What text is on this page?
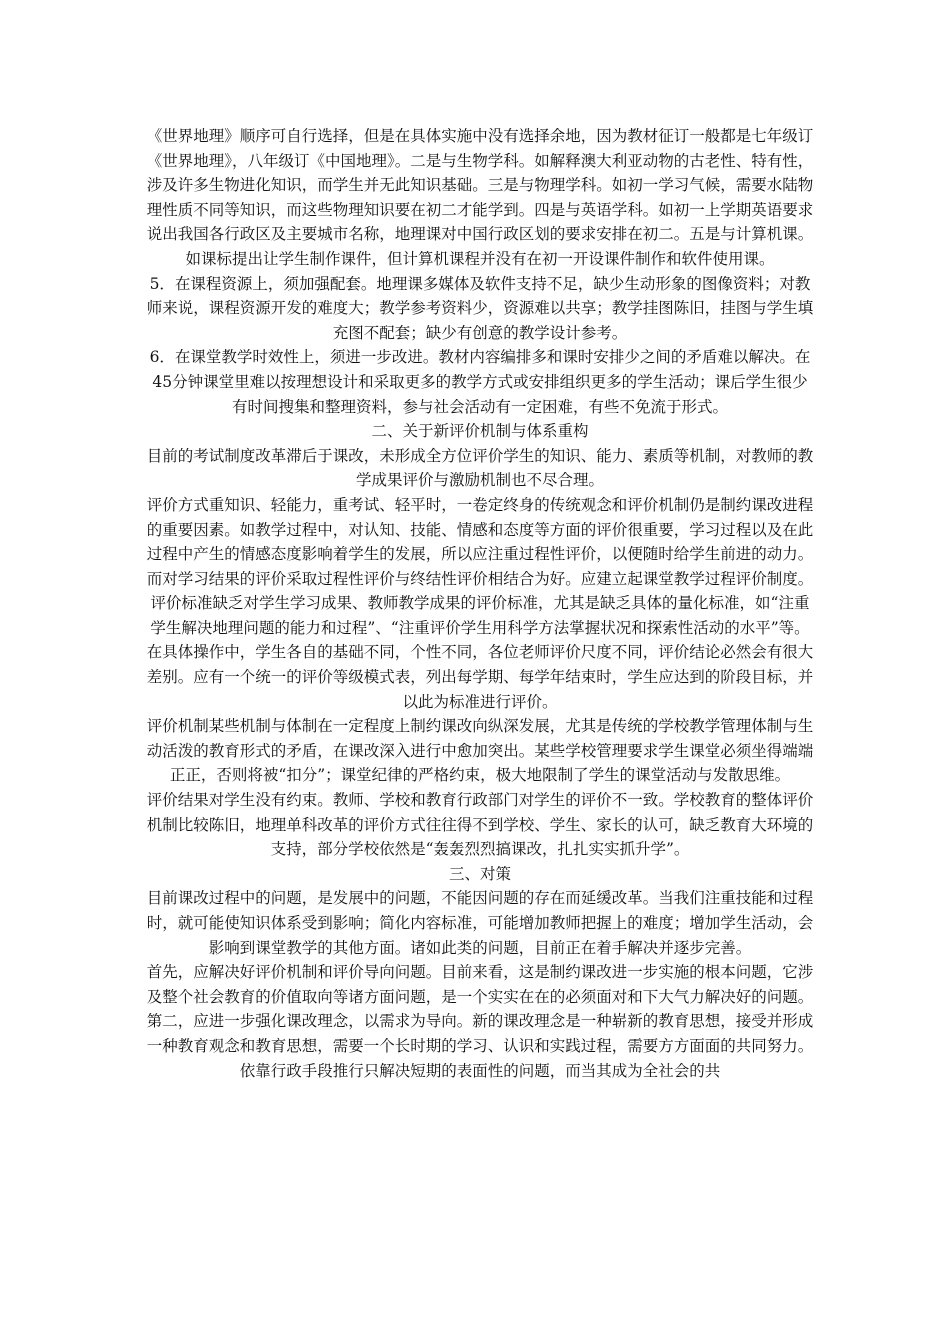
《世界地理》顺序可自行选择，但是在具体实施中没有选择余地，因为教材征订一般都是七年级订《世界地理》，八年级订《中国地理》。二是与生物学科。如解释澳大利亚动物的古老性、特有性，涉及许多生物进化知识，而学生并无此知识基础。三是与物理学科。如初一学习气候，需要水陆物理性质不同等知识，而这些物理知识要在初二才能学到。四是与英语学科。如初一上学期英语要求说出我国各行政区及主要城市名称，地理课对中国行政区划的要求安排在初二。五是与计算机课。如课标提出让学生制作课件，但计算机课程并没有在初一开设课件制作和软件使用课。

5．在课程资源上，须加强配套。地理课多媒体及软件支持不足，缺少生动形象的图像资料；对教师来说，课程资源开发的难度大；教学参考资料少，资源难以共享；教学挂图陈旧，挂图与学生填充图不配套；缺少有创意的教学设计参考。

6．在课堂教学时效性上，须进一步改进。教材内容编排多和课时安排少之间的矛盾难以解决。在45分钟课堂里难以按理想设计和采取更多的教学方式或安排组织更多的学生活动；课后学生很少有时间搜集和整理资料，参与社会活动有一定困难，有些不免流于形式。

二、关于新评价机制与体系重构

目前的考试制度改革滞后于课改，未形成全方位评价学生的知识、能力、素质等机制，对教师的教学成果评价与激励机制也不尽合理。

评价方式重知识、轻能力，重考试、轻平时，一卷定终身的传统观念和评价机制仍是制约课改进程的重要因素。如教学过程中，对认知、技能、情感和态度等方面的评价很重要，学习过程以及在此过程中产生的情感态度影响着学生的发展，所以应注重过程性评价，以便随时给学生前进的动力。而对学习结果的评价采取过程性评价与终结性评价相结合为好。应建立起课堂教学过程评价制度。

评价标准缺乏对学生学习成果、教师教学成果的评价标准，尤其是缺乏具体的量化标准，如“注重学生解决地理问题的能力和过程”、“注重评价学生用科学方法掌握状况和探索性活动的水平”等。在具体操作中，学生各自的基础不同，个性不同，各位老师评价尺度不同，评价结论必然会有很大差别。应有一个统一的评价等级模式表，列出每学期、每学年结束时，学生应达到的阶段目标，并以此为标准进行评价。

评价机制某些机制与体制在一定程度上制约课改向纵深发展，尤其是传统的学校教学管理体制与生动活泼的教育形式的矛盾，在课改深入进行中愈加突出。某些学校管理要求学生课堂必须坐得端端正正，否则将被“扣分”；课堂纪律的严格约束，极大地限制了学生的课堂活动与发散思维。

评价结果对学生没有约束。教师、学校和教育行政部门对学生的评价不一致。学校教育的整体评价机制比较陈旧，地理单科改革的评价方式往往得不到学校、学生、家长的认可，缺乏教育大环境的支持，部分学校依然是“轰轰烈烈搞课改，扎扎实实抓升学”。

三、对策

目前课改过程中的问题，是发展中的问题，不能因问题的存在而延缓改革。当我们注重技能和过程时，就可能使知识体系受到影响；简化内容标准，可能增加教师把握上的难度；增加学生活动，会影响到课堂教学的其他方面。诸如此类的问题，目前正在着手解决并逐步完善。

首先，应解决好评价机制和评价导向问题。目前来看，这是制约课改进一步实施的根本问题，它涉及整个社会教育的价值取向等诸方面问题，是一个实实在在的必须面对和下大气力解决好的问题。

第二，应进一步强化课改理念，以需求为导向。新的课改理念是一种崭新的教育思想，接受并形成一种教育观念和教育思想，需要一个长时期的学习、认识和实践过程，需要方方面面的共同努力。依靠行政手段推行只解决短期的表面性的问题，而当其成为全社会的共
